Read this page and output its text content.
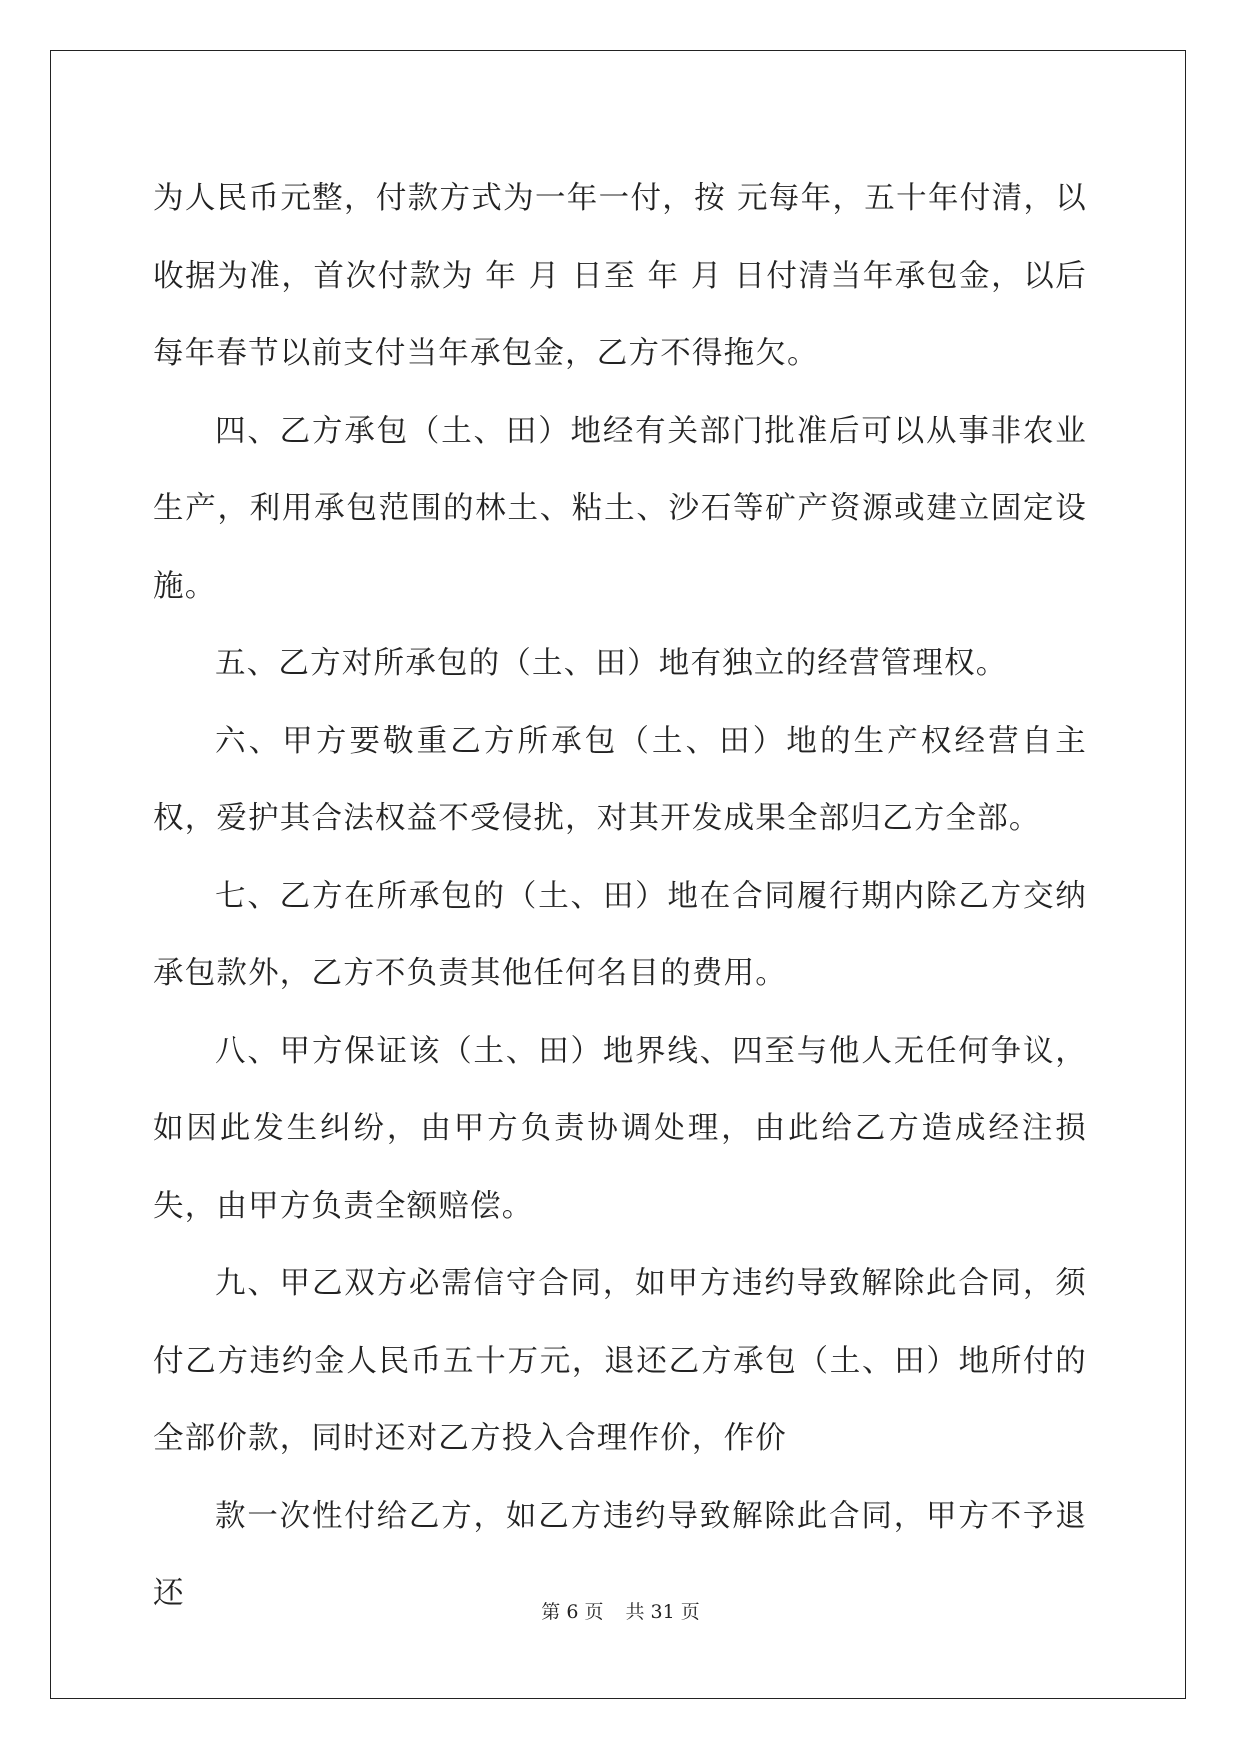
为人民币元整，付款方式为一年一付，按 元每年，五十年付清，以收据为准，首次付款为 年 月 日至 年 月 日付清当年承包金，以后每年春节以前支付当年承包金，乙方不得拖欠。

四、乙方承包（土、田）地经有关部门批准后可以从事非农业生产，利用承包范围的林土、粘土、沙石等矿产资源或建立固定设施。

五、乙方对所承包的（土、田）地有独立的经营管理权。

六、甲方要敬重乙方所承包（土、田）地的生产权经营自主权，爱护其合法权益不受侵扰，对其开发成果全部归乙方全部。

七、乙方在所承包的（土、田）地在合同履行期内除乙方交纳承包款外，乙方不负责其他任何名目的费用。

八、甲方保证该（土、田）地界线、四至与他人无任何争议，如因此发生纠纷，由甲方负责协调处理，由此给乙方造成经注损失，由甲方负责全额赔偿。

九、甲乙双方必需信守合同，如甲方违约导致解除此合同，须付乙方违约金人民币五十万元，退还乙方承包（土、田）地所付的全部价款，同时还对乙方投入合理作价，作价

款一次性付给乙方，如乙方违约导致解除此合同，甲方不予退还

第 6 页 共 31 页
